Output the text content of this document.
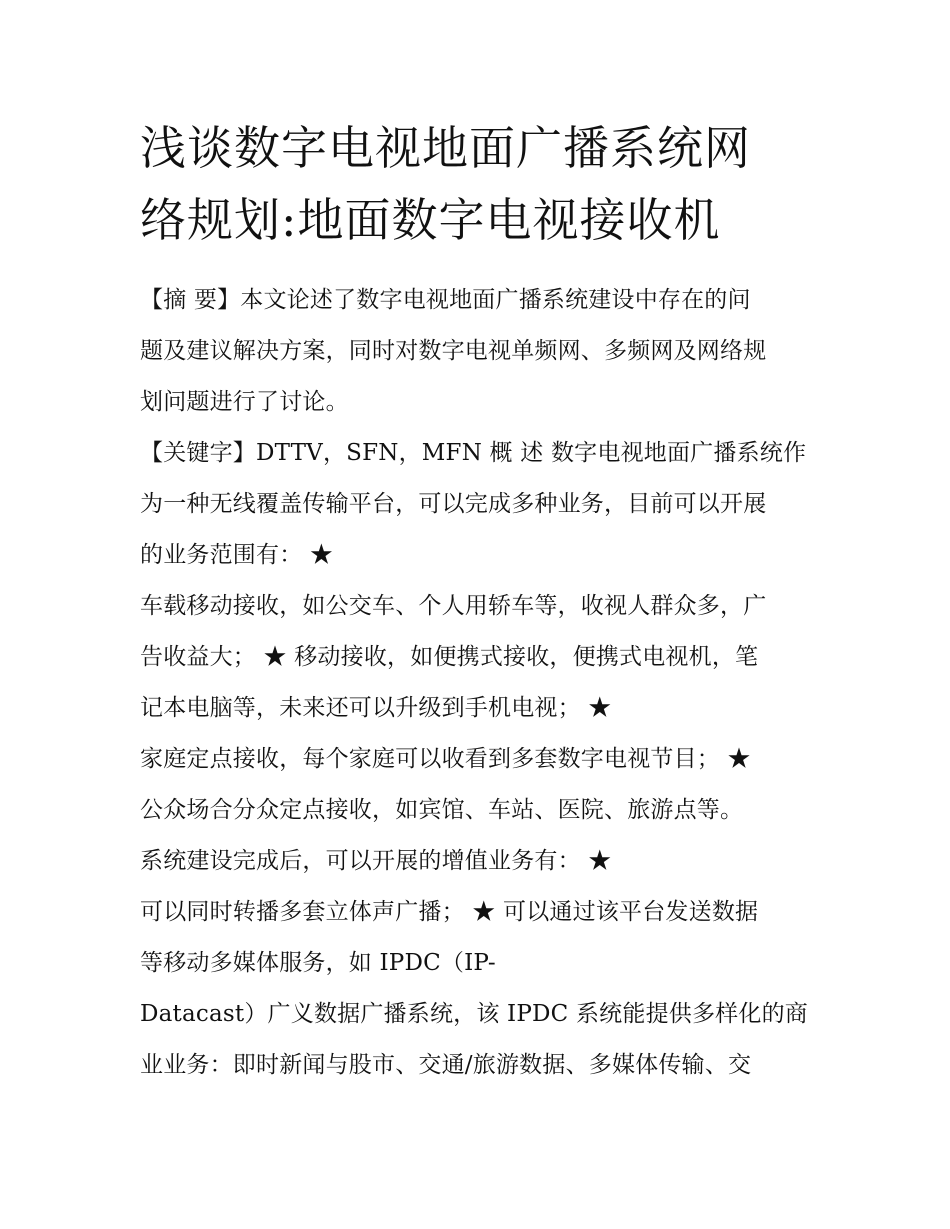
浅谈数字电视地面广播系统网
络规划:地面数字电视接收机
【摘 要】本文论述了数字电视地面广播系统建设中存在的问
题及建议解决方案，同时对数字电视单频网、多频网及网络规
划问题进行了讨论。
【关键字】DTTV，SFN，MFN 概 述 数字电视地面广播系统作
为一种无线覆盖传输平台，可以完成多种业务，目前可以开展
的业务范围有： ★
车载移动接收，如公交车、个人用轿车等，收视人群众多，广
告收益大； ★ 移动接收，如便携式接收，便携式电视机，笔
记本电脑等，未来还可以升级到手机电视； ★
家庭定点接收，每个家庭可以收看到多套数字电视节目； ★
公众场合分众定点接收，如宾馆、车站、医院、旅游点等。
系统建设完成后，可以开展的增值业务有： ★
可以同时转播多套立体声广播； ★ 可以通过该平台发送数据
等移动多媒体服务，如 IPDC（IP-
Datacast）广义数据广播系统，该 IPDC 系统能提供多样化的商
业业务：即时新闻与股市、交通/旅游数据、多媒体传输、交
